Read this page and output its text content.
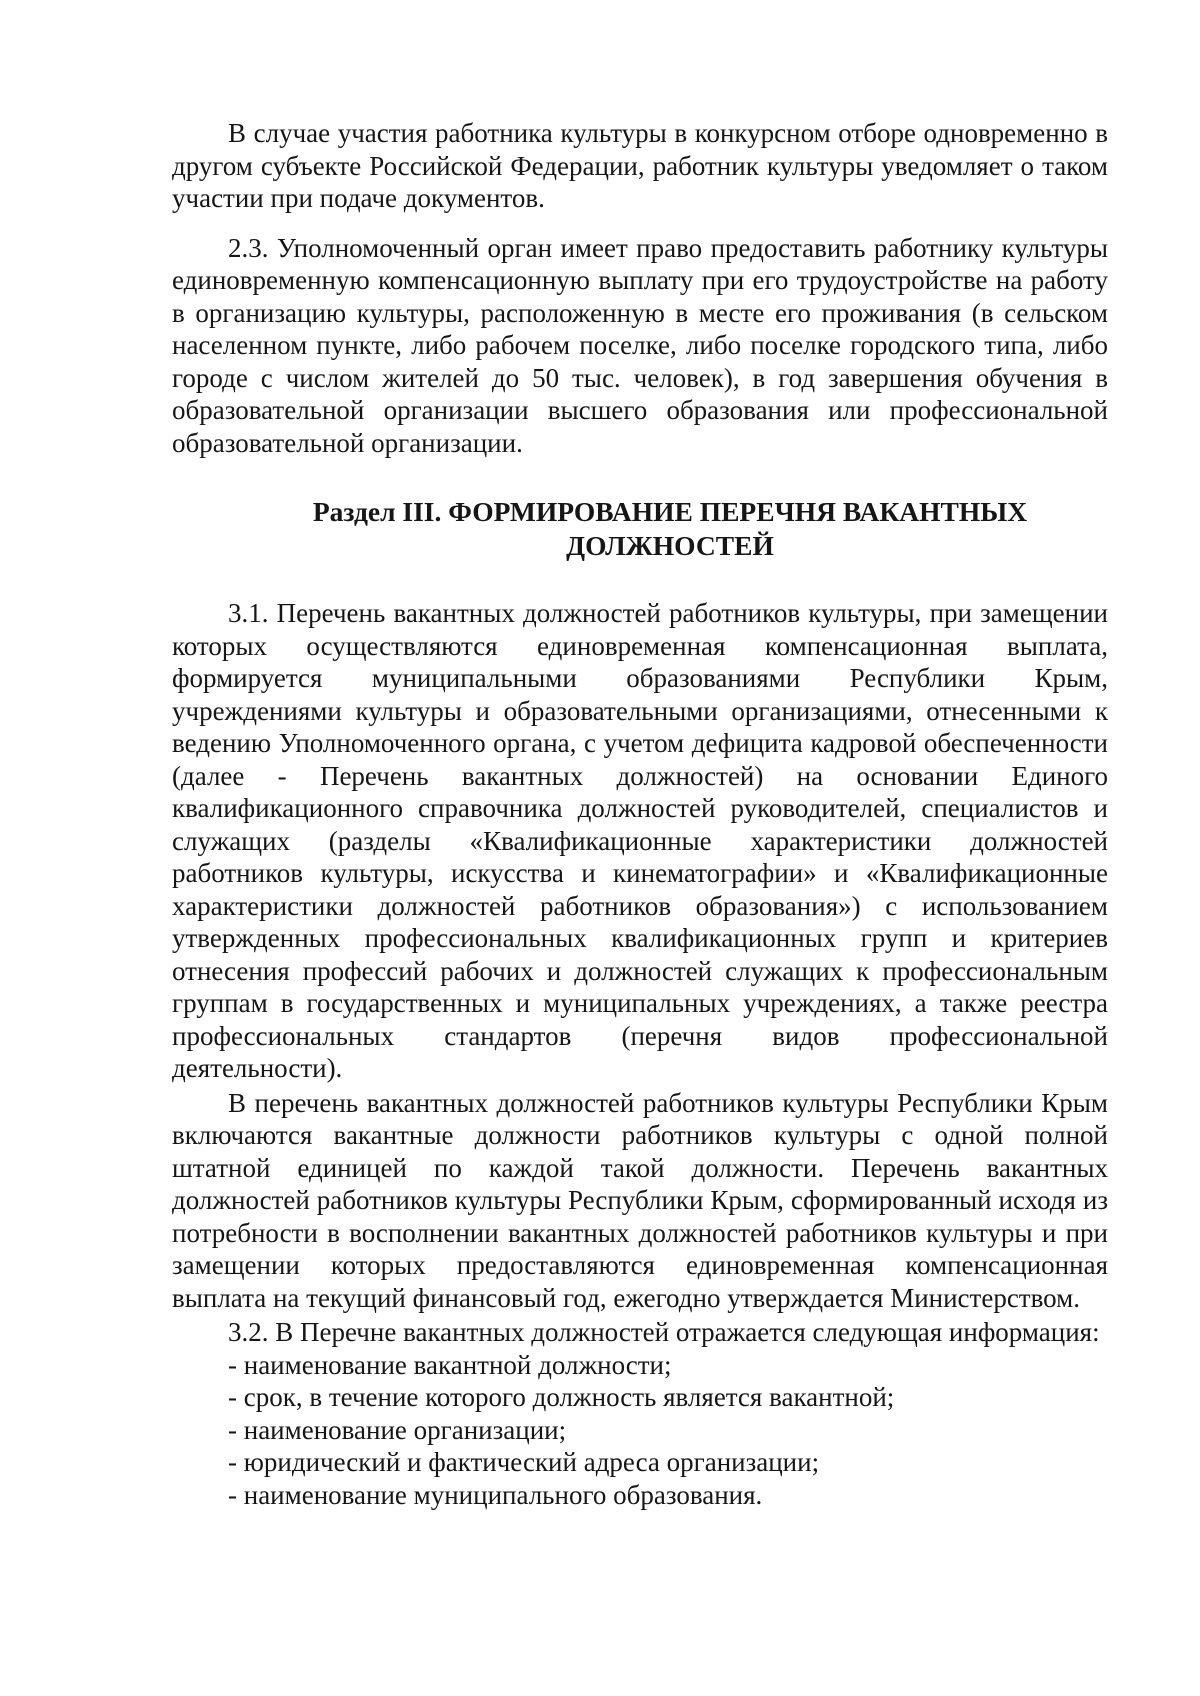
В случае участия работника культуры в конкурсном отборе одновременно в другом субъекте Российской Федерации, работник культуры уведомляет о таком участии при подаче документов.

2.3. Уполномоченный орган имеет право предоставить работнику культуры единовременную компенсационную выплату при его трудоустройстве на работу в организацию культуры, расположенную в месте его проживания (в сельском населенном пункте, либо рабочем поселке, либо поселке городского типа, либо городе с числом жителей до 50 тыс. человек), в год завершения обучения в образовательной организации высшего образования или профессиональной образовательной организации.

Раздел III. ФОРМИРОВАНИЕ ПЕРЕЧНЯ ВАКАНТНЫХ
ДОЛЖНОСТЕЙ

3.1. Перечень вакантных должностей работников культуры, при замещении которых осуществляются единовременная компенсационная выплата, формируется муниципальными образованиями Республики Крым, учреждениями культуры и образовательными организациями, отнесенными к ведению Уполномоченного органа, с учетом дефицита кадровой обеспеченности (далее - Перечень вакантных должностей) на основании Единого квалификационного справочника должностей руководителей, специалистов и служащих (разделы «Квалификационные характеристики должностей работников культуры, искусства и кинематографии» и «Квалификационные характеристики должностей работников образования») с использованием утвержденных профессиональных квалификационных групп и критериев отнесения профессий рабочих и должностей служащих к профессиональным группам в государственных и муниципальных учреждениях, а также реестра профессиональных стандартов (перечня видов профессиональной деятельности).

В перечень вакантных должностей работников культуры Республики Крым включаются вакантные должности работников культуры с одной полной штатной единицей по каждой такой должности. Перечень вакантных должностей работников культуры Республики Крым, сформированный исходя из потребности в восполнении вакантных должностей работников культуры и при замещении которых предоставляются единовременная компенсационная выплата на текущий финансовый год, ежегодно утверждается Министерством.

3.2. В Перечне вакантных должностей отражается следующая информация:

- наименование вакантной должности;
- срок, в течение которого должность является вакантной;
- наименование организации;
- юридический и фактический адреса организации;
- наименование муниципального образования.
